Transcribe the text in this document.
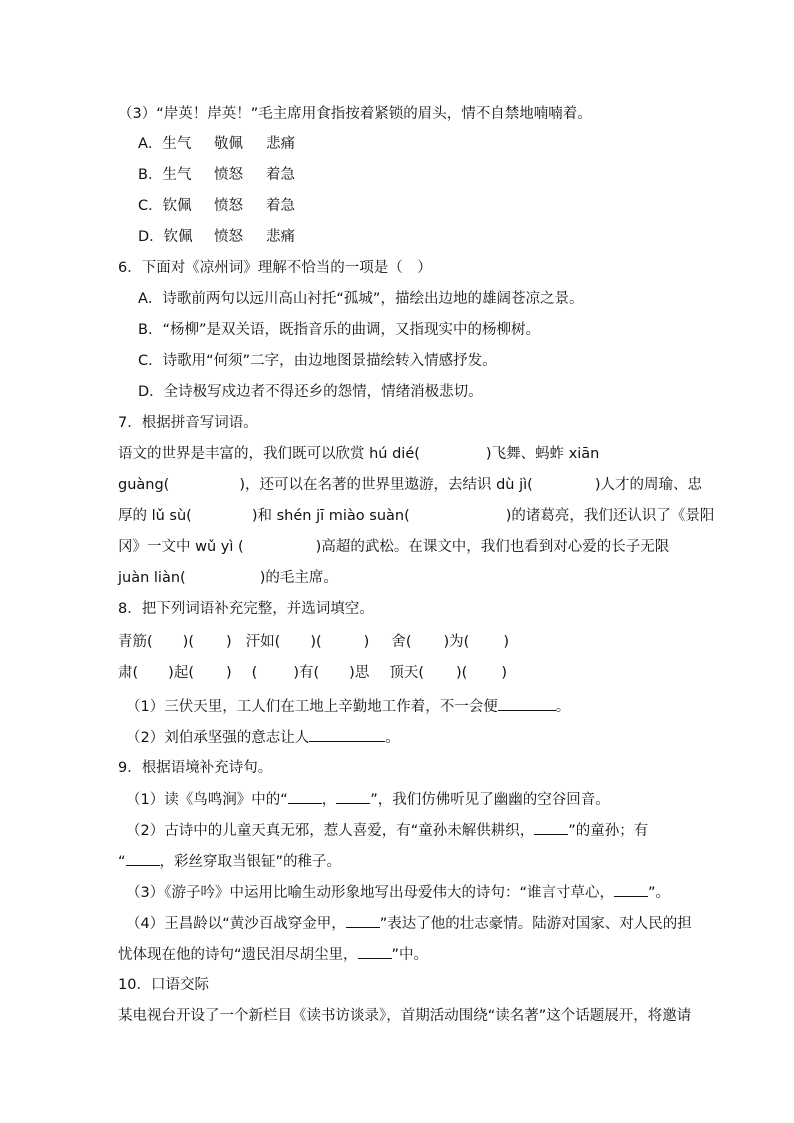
（3）“岸英！岸英！”毛主席用食指按着紧锁的眉头，情不自禁地喃喃着。
A．生气 敬佩 悲痛
B．生气 愤怒 着急
C．钦佩 愤怒 着急
D．钦佩 愤怒 悲痛
6．下面对《凉州词》理解不恰当的一项是（　）
A．诗歌前两句以远川高山衬托“孤城”，描绘出边地的雄阔苍凉之景。
B．“杨柳”是双关语，既指音乐的曲调，又指现实中的杨柳树。
C．诗歌用“何须”二字，由边地图景描绘转入情感抒发。
D．全诗极写戍边者不得还乡的怨情，情绪消极悲切。
7．根据拼音写词语。
语文的世界是丰富的，我们既可以欣赏 hú dié(	)飞舞、蚂蚱 xiān
guàng(	)，还可以在名著的世界里遨游，去结识 dù jì(	)人才的周瑜、忠
厚的 lǔ sù(	)和 shén jī miào suàn(	)的诸葛亮，我们还认识了《景阳
冈》一文中 wǔ yì (	)高超的武松。在课文中，我们也看到对心爱的长子无限
juàn liàn(	)的毛主席。
8．把下列词语补充完整，并选词填空。
青筋( )( ) 汗如( )(	) 舍( )为( )
肃( )起( ) ( )有( )思 顶天( )( )
（1）三伏天里，工人们在工地上辛勤地工作着，不一会便	。
（2）刘伯承坚强的意志让人	。
9．根据语境补充诗句。
（1）读《鸟鸣涧》中的“ ， ”，我们仿佛听见了幽幽的空谷回音。
（2）古诗中的儿童天真无邪，惹人喜爱，有“童孙未解供耕织， ”的童孙；有
“ ，彩丝穿取当银钲”的稚子。
（3）《游子吟》中运用比喻生动形象地写出母爱伟大的诗句：“谁言寸草心， ”。
（4）王昌龄以“黄沙百战穿金甲， ”表达了他的壮志豪情。陆游对国家、对人民的担
忧体现在他的诗句“遗民泪尽胡尘里， ”中。
10．口语交际
某电视台开设了一个新栏目《读书访谈录》，首期活动围绕“读名著”这个话题展开，将邀请
